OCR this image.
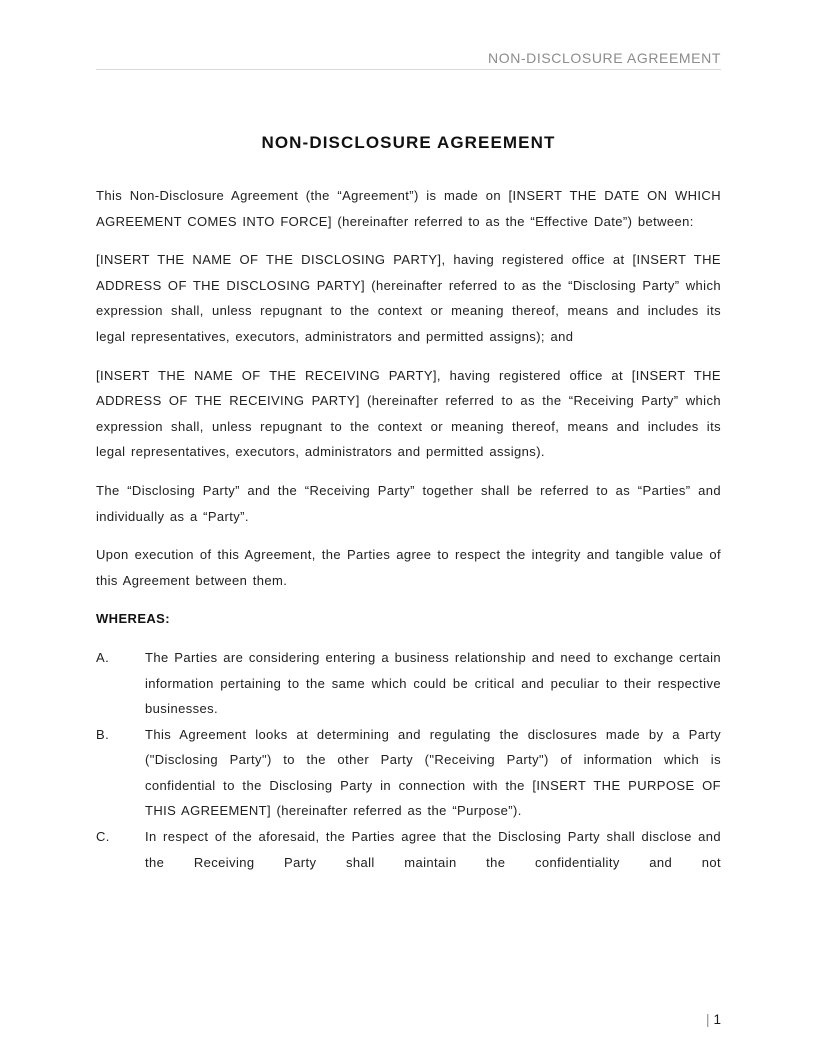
NON-DISCLOSURE AGREEMENT
NON-DISCLOSURE AGREEMENT

This Non-Disclosure Agreement (the “Agreement”) is made on [INSERT THE DATE ON WHICH AGREEMENT COMES INTO FORCE] (hereinafter referred to as the “Effective Date”) between:

[INSERT THE NAME OF THE DISCLOSING PARTY], having registered office at [INSERT THE ADDRESS OF THE DISCLOSING PARTY] (hereinafter referred to as the “Disclosing Party” which expression shall, unless repugnant to the context or meaning thereof, means and includes its legal representatives, executors, administrators and permitted assigns); and

[INSERT THE NAME OF THE RECEIVING PARTY], having registered office at [INSERT THE ADDRESS OF THE RECEIVING PARTY] (hereinafter referred to as the “Receiving Party” which expression shall, unless repugnant to the context or meaning thereof, means and includes its legal representatives, executors, administrators and permitted assigns).

The “Disclosing Party” and the “Receiving Party” together shall be referred to as “Parties” and individually as a “Party”.

Upon execution of this Agreement, the Parties agree to respect the integrity and tangible value of this Agreement between them.

WHEREAS:
A.	The Parties are considering entering a business relationship and need to exchange certain information pertaining to the same which could be critical and peculiar to their respective businesses.
B.	This Agreement looks at determining and regulating the disclosures made by a Party ("Disclosing Party") to the other Party ("Receiving Party") of information which is confidential to the Disclosing Party in connection with the [INSERT THE PURPOSE OF THIS AGREEMENT] (hereinafter referred as the “Purpose”).
C.	In respect of the aforesaid, the Parties agree that the Disclosing Party shall disclose and the Receiving Party shall maintain the confidentiality and not
| 1
